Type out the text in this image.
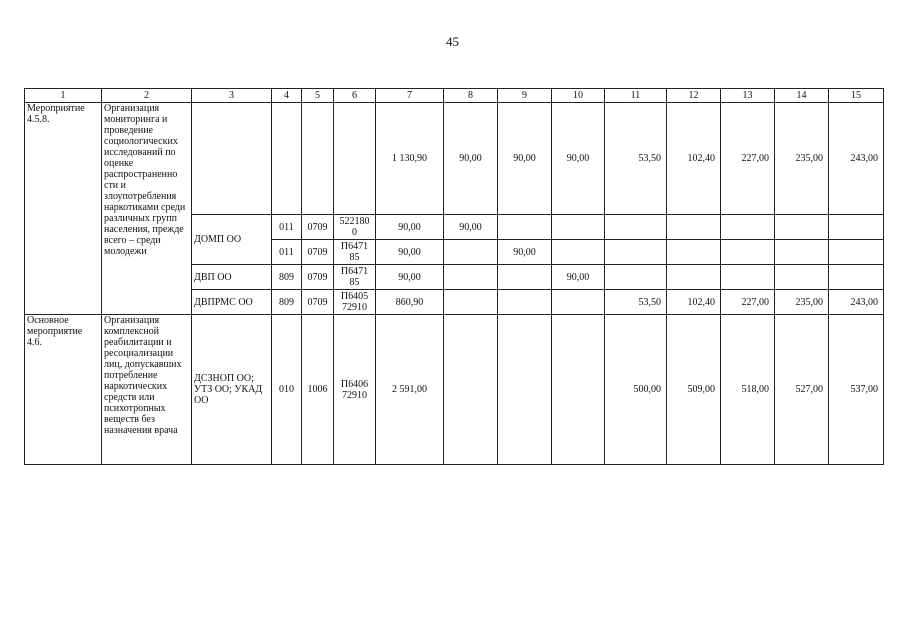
45
1	2	3	4	5	6	7	8	9	10	11	12	13	14	15
Мероприятие 4.5.8.	Организация мониторинга и проведение социологических исследований по оценке распространенно сти и злоупотребления наркотиками среди различных групп населения, прежде всего – среди молодежи					1 130,90	90,00	90,00	90,00	53,50	102,40	227,00	235,00	243,00
		ДОМП ОО	011	0709	522180 0	90,00	90,00							
			011	0709	П6471 85	90,00		90,00						
		ДВП ОО	809	0709	П6471 85	90,00			90,00					
		ДВПРМС ОО	809	0709	П6405 72910	860,90				53,50	102,40	227,00	235,00	243,00
Основное мероприятие 4.6.	Организация комплексной реабилитации и ресоциализации лиц, допускавших потребление наркотических средств или психотропных веществ без назначения врача	ДСЗНОП ОО; УТЗ ОО; УКАД ОО	010	1006	П6406 72910	2 591,00				500,00	509,00	518,00	527,00	537,00
